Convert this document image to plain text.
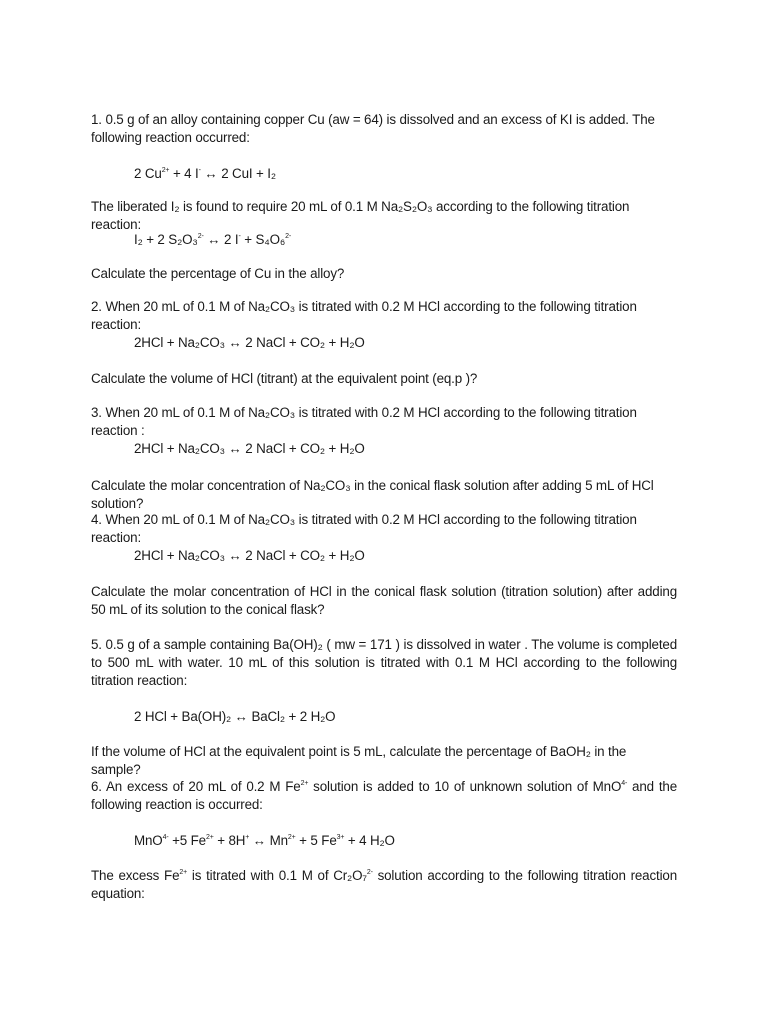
1. 0.5 g of an alloy containing copper Cu (aw = 64) is dissolved and an excess of KI is added. The following reaction occurred:

2 $Cu^{2+} + 4$ I- ↔ 2 CuI + I₂

The liberated I₂ is found to require 20 mL of 0.1 M Na₂S₂O₃ according to the following titration reaction:

I₂ + 2 S₂O₃$^{2-}$ ↔ 2 I- + S₄O₆$^{2-}$

Calculate the percentage of Cu in the alloy?

2. When 20 mL of 0.1 M of Na₂CO₃ is titrated with 0.2 M HCl according to the following titration reaction:

2HCl + Na₂CO₃ ↔ 2 NaCl + CO₂ + H₂O

Calculate the volume of HCl (titrant) at the equivalent point (eq.p )?

3. When 20 mL of 0.1 M of Na₂CO₃ is titrated with 0.2 M HCl according to the following titration reaction :

2HCl + Na₂CO₃ ↔ 2 NaCl + CO₂ + H₂O

Calculate the molar concentration of Na₂CO₃ in the conical flask solution after adding 5 mL of HCl solution?

4. When 20 mL of 0.1 M of Na₂CO₃ is titrated with 0.2 M HCl according to the following titration reaction:

2HCl + Na₂CO₃ ↔ 2 NaCl + CO₂ + H₂O

Calculate the molar concentration of HCl in the conical flask solution (titration solution) after adding 50 mL of its solution to the conical flask?

5. 0.5 g of a sample containing Ba(OH)₂ ( mw = 171 ) is dissolved in water . The volume is completed to 500 mL with water. 10 mL of this solution is titrated with 0.1 M HCl according to the following titration reaction:

2 HCl + Ba(OH)₂ ↔ BaCl₂ + 2 H₂O

If the volume of HCl at the equivalent point is 5 mL, calculate the percentage of BaOH₂ in the sample?

6. An excess of 20 mL of 0.2 M $Fe^{2+}$ solution is added to 10 of unknown solution of MnO$^{4-}$ and the following reaction is occurred:

MnO$^{4-}$ +5 $Fe^{2+} + 8H^+$ ↔ $Mn^{2+} + 5$ $Fe^{3+} + 4$ H₂O

The excess $Fe^{2+}$ is titrated with 0.1 M of Cr₂O₇$^{2-}$ solution according to the following titration reaction equation:
